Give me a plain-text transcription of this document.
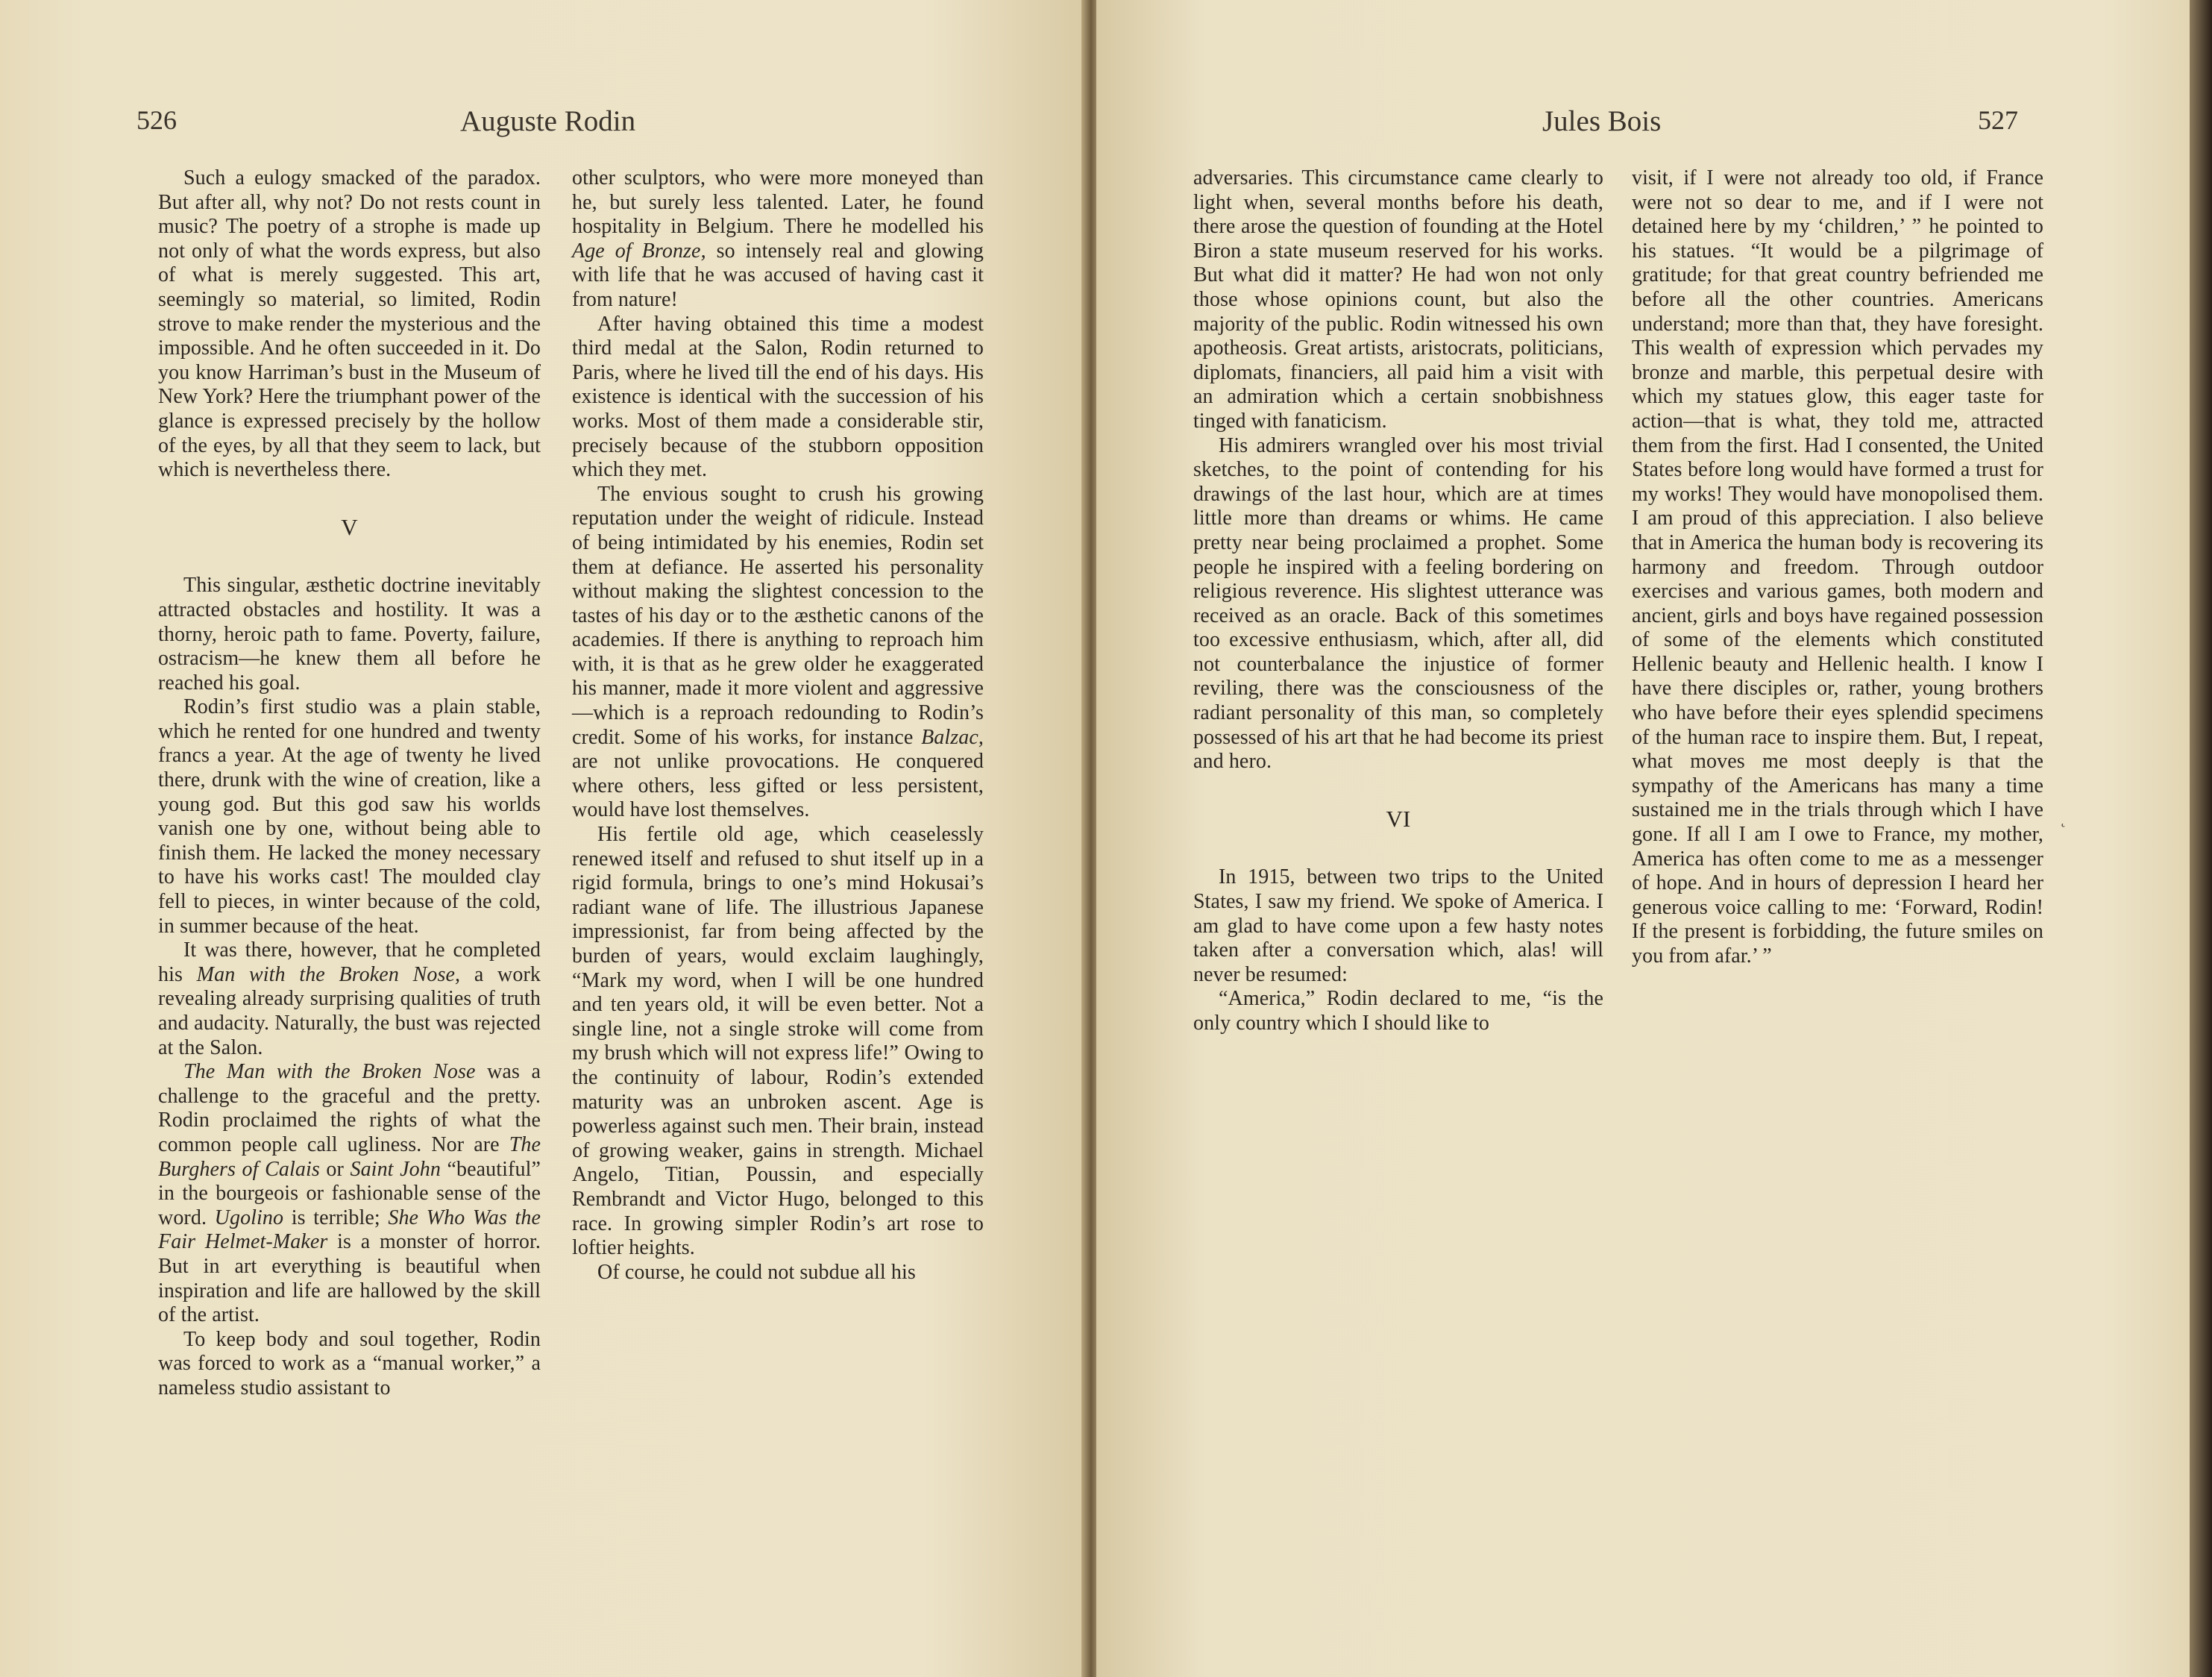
526	Auguste Rodin	Jules Bois	527

Such a eulogy smacked of the paradox. But after all, why not? Do not rests count in music? The poetry of a strophe is made up not only of what the words express, but also of what is merely suggested. This art, seemingly so material, so limited, Rodin strove to make render the mysterious and the impossible. And he often succeeded in it. Do you know Harriman’s bust in the Museum of New York? Here the triumphant power of the glance is expressed precisely by the hollow of the eyes, by all that they seem to lack, but which is nevertheless there.

V

This singular, æsthetic doctrine inevitably attracted obstacles and hostility. It was a thorny, heroic path to fame. Poverty, failure, ostracism—he knew them all before he reached his goal.

Rodin’s first studio was a plain stable, which he rented for one hundred and twenty francs a year. At the age of twenty he lived there, drunk with the wine of creation, like a young god. But this god saw his worlds vanish one by one, without being able to finish them. He lacked the money necessary to have his works cast! The moulded clay fell to pieces, in winter because of the cold, in summer because of the heat.

It was there, however, that he completed his Man with the Broken Nose, a work revealing already surprising qualities of truth and audacity. Naturally, the bust was rejected at the Salon.

The Man with the Broken Nose was a challenge to the graceful and the pretty. Rodin proclaimed the rights of what the common people call ugliness. Nor are The Burghers of Calais or Saint John “beautiful” in the bourgeois or fashionable sense of the word. Ugolino is terrible; She Who Was the Fair Helmet-Maker is a monster of horror. But in art everything is beautiful when inspiration and life are hallowed by the skill of the artist.

To keep body and soul together, Rodin was forced to work as a “manual worker,” a nameless studio assistant to

other sculptors, who were more moneyed than he, but surely less talented. Later, he found hospitality in Belgium. There he modelled his Age of Bronze, so intensely real and glowing with life that he was accused of having cast it from nature!

After having obtained this time a modest third medal at the Salon, Rodin returned to Paris, where he lived till the end of his days. His existence is identical with the succession of his works. Most of them made a considerable stir, precisely because of the stubborn opposition which they met.

The envious sought to crush his growing reputation under the weight of ridicule. Instead of being intimidated by his enemies, Rodin set them at defiance. He asserted his personality without making the slightest concession to the tastes of his day or to the æsthetic canons of the academies. If there is anything to reproach him with, it is that as he grew older he exaggerated his manner, made it more violent and aggressive—which is a reproach redounding to Rodin’s credit. Some of his works, for instance Balzac, are not unlike provocations. He conquered where others, less gifted or less persistent, would have lost themselves.

His fertile old age, which ceaselessly renewed itself and refused to shut itself up in a rigid formula, brings to one’s mind Hokusai’s radiant wane of life. The illustrious Japanese impressionist, far from being affected by the burden of years, would exclaim laughingly, “Mark my word, when I will be one hundred and ten years old, it will be even better. Not a single line, not a single stroke will come from my brush which will not express life!” Owing to the continuity of labour, Rodin’s extended maturity was an unbroken ascent. Age is powerless against such men. Their brain, instead of growing weaker, gains in strength. Michael Angelo, Titian, Poussin, and especially Rembrandt and Victor Hugo, belonged to this race. In growing simpler Rodin’s art rose to loftier heights.

Of course, he could not subdue all his

adversaries. This circumstance came clearly to light when, several months before his death, there arose the question of founding at the Hotel Biron a state museum reserved for his works. But what did it matter? He had won not only those whose opinions count, but also the majority of the public. Rodin witnessed his own apotheosis. Great artists, aristocrats, politicians, diplomats, financiers, all paid him a visit with an admiration which a certain snobbishness tinged with fanaticism.

His admirers wrangled over his most trivial sketches, to the point of contending for his drawings of the last hour, which are at times little more than dreams or whims. He came pretty near being proclaimed a prophet. Some people he inspired with a feeling bordering on religious reverence. His slightest utterance was received as an oracle. Back of this sometimes too excessive enthusiasm, which, after all, did not counterbalance the injustice of former reviling, there was the consciousness of the radiant personality of this man, so completely possessed of his art that he had become its priest and hero.

VI

In 1915, between two trips to the United States, I saw my friend. We spoke of America. I am glad to have come upon a few hasty notes taken after a conversation which, alas! will never be resumed:

“America,” Rodin declared to me, “is the only country which I should like to

visit, if I were not already too old, if France were not so dear to me, and if I were not detained here by my ‘children,’ ” he pointed to his statues. “It would be a pilgrimage of gratitude; for that great country befriended me before all the other countries. Americans understand; more than that, they have foresight. This wealth of expression which pervades my bronze and marble, this perpetual desire with which my statues glow, this eager taste for action—that is what, they told me, attracted them from the first. Had I consented, the United States before long would have formed a trust for my works! They would have monopolised them. I am proud of this appreciation. I also believe that in America the human body is recovering its harmony and freedom. Through outdoor exercises and various games, both modern and ancient, girls and boys have regained possession of some of the elements which constituted Hellenic beauty and Hellenic health. I know I have there disciples or, rather, young brothers who have before their eyes splendid specimens of the human race to inspire them. But, I repeat, what moves me most deeply is that the sympathy of the Americans has many a time sustained me in the trials through which I have gone. If all I am I owe to France, my mother, America has often come to me as a messenger of hope. And in hours of depression I heard her generous voice calling to me: ‘Forward, Rodin! If the present is forbidding, the future smiles on you from afar.’ ”

˛
